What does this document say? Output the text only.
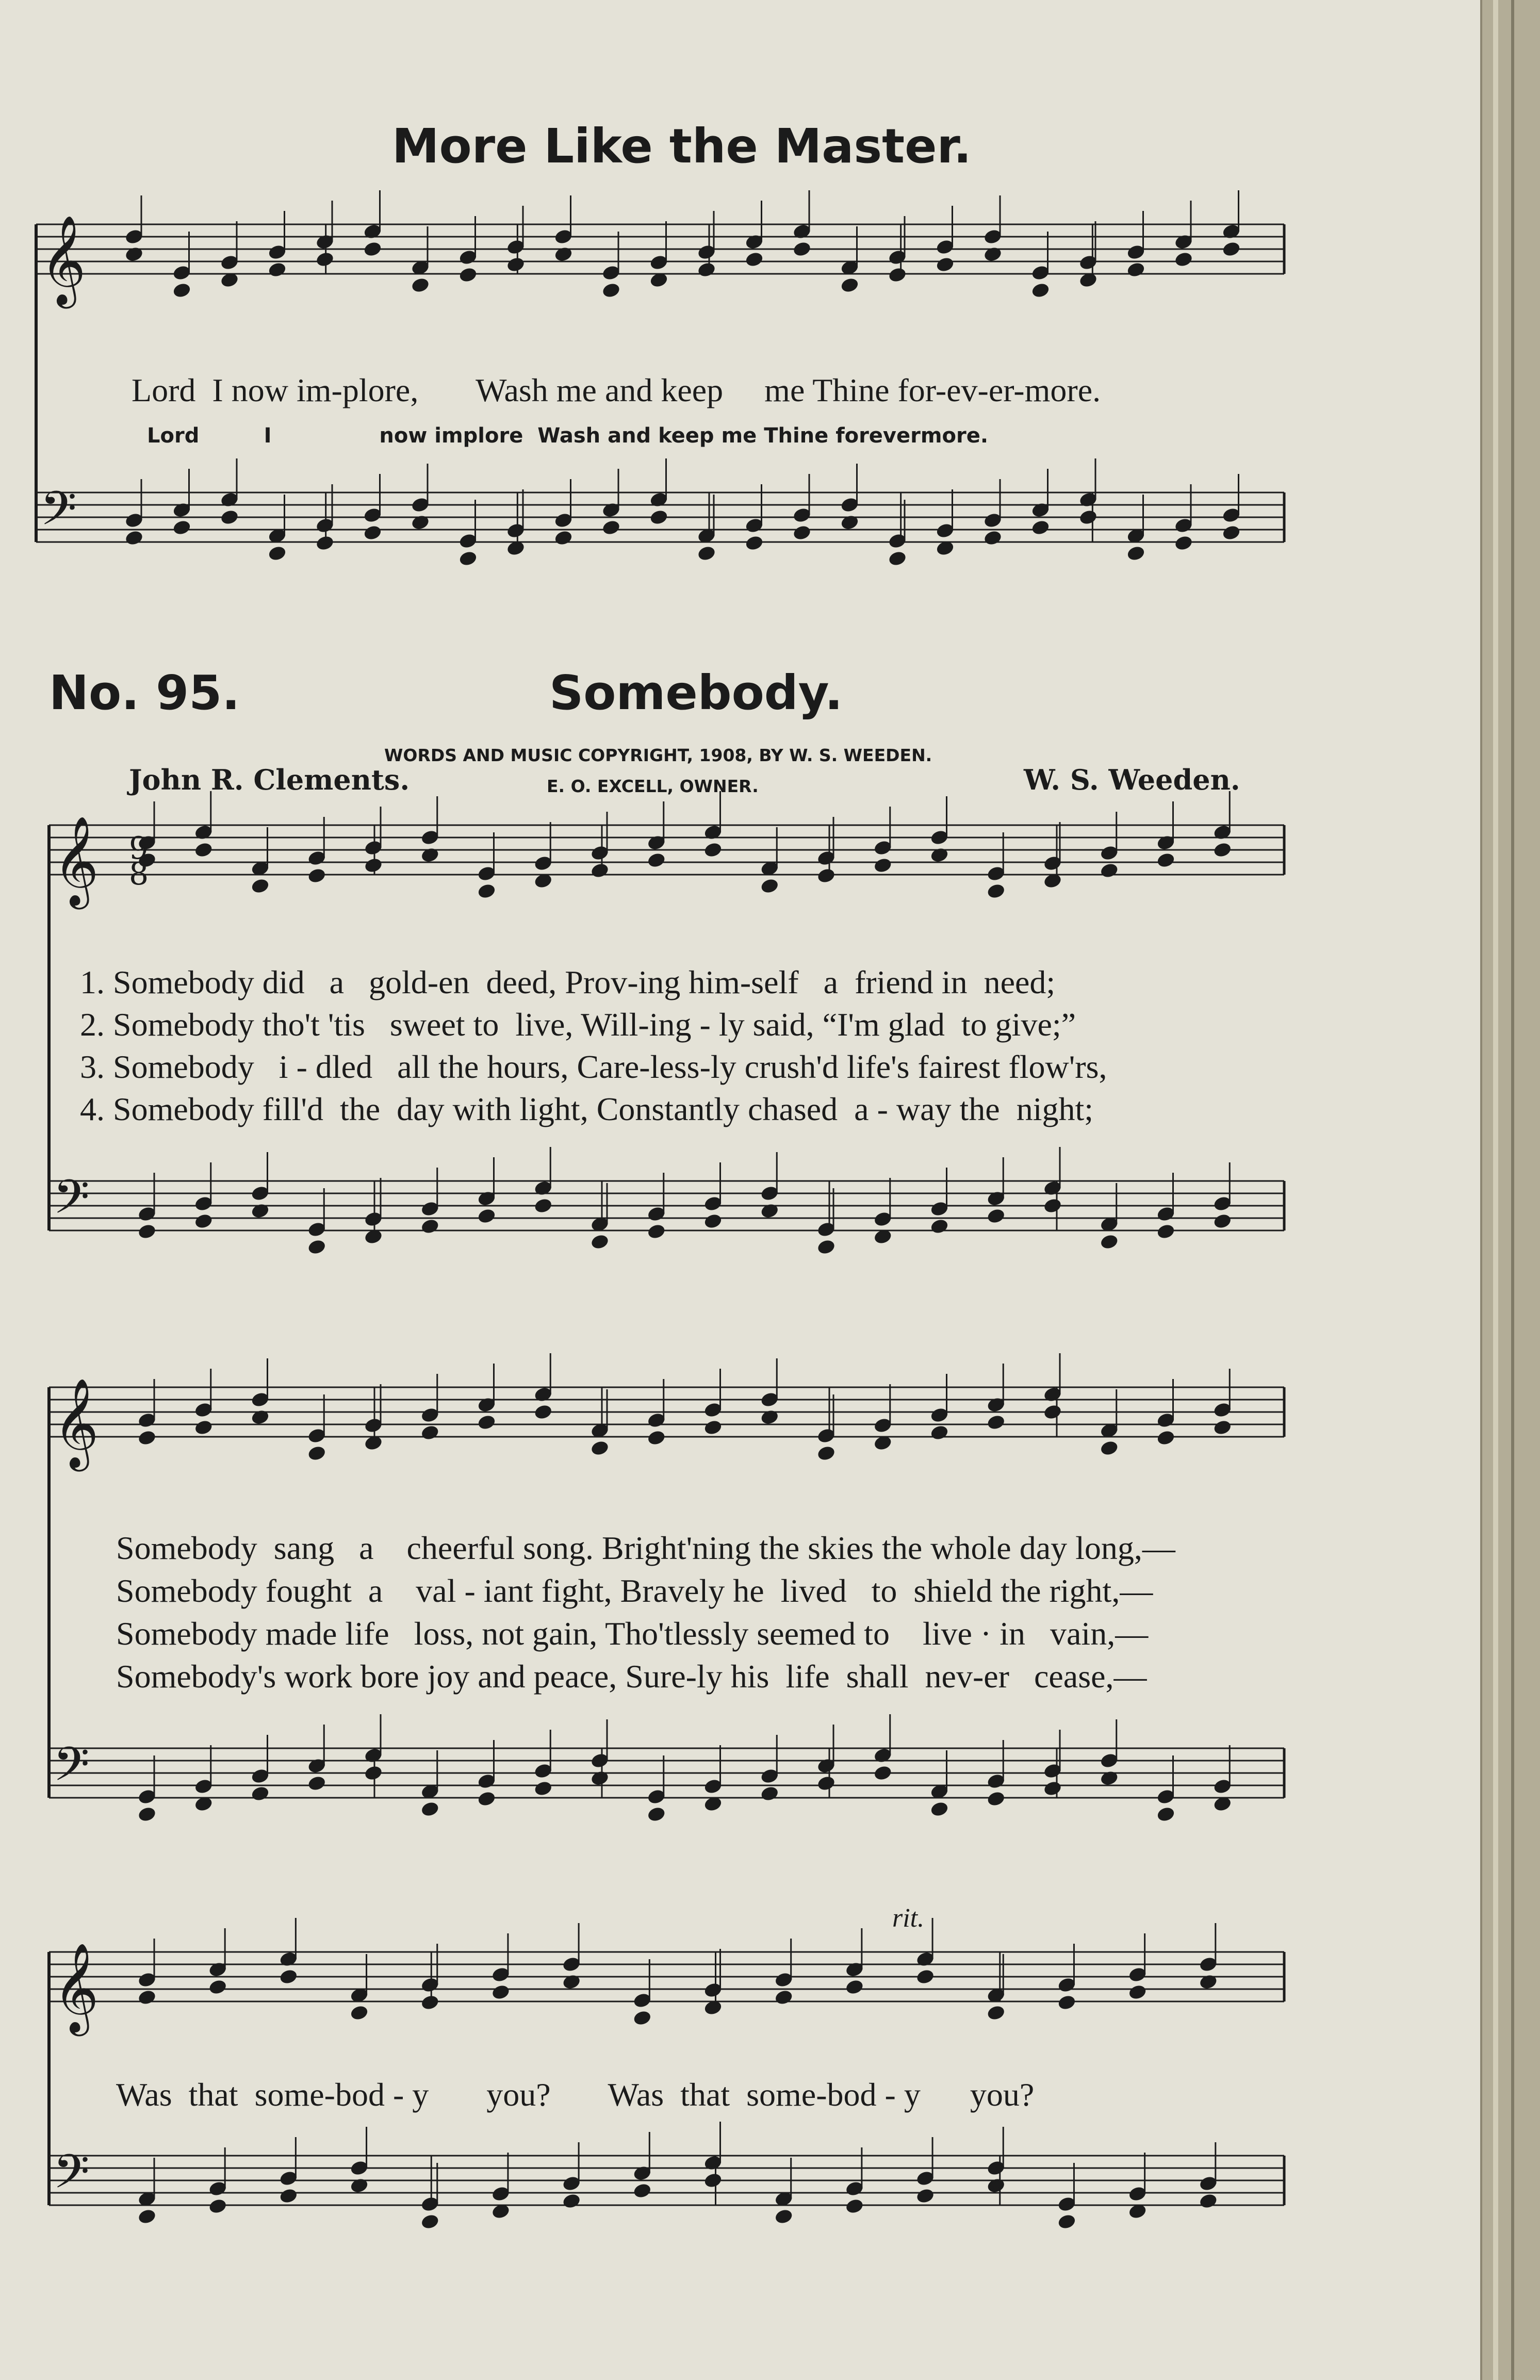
More Like the Master.
Lord  I now im-plore,       Wash me and keep     me Thine for-ev-er-more.
Lord         I               now implore  Wash and keep me Thine forevermore.
No. 95.	Somebody.
WORDS AND MUSIC COPYRIGHT, 1908, BY W. S. WEEDEN.
E. O. EXCELL, OWNER.
John R. Clements.	W. S. Weeden.
1. Somebody did   a   gold-en  deed, Prov-ing him-self   a  friend in  need;
2. Somebody tho't 'tis   sweet to  live, Will-ing - ly said, “I'm glad  to give;”
3. Somebody   i - dled   all the hours, Care-less-ly crush'd life's fairest flow'rs,
4. Somebody fill'd  the  day with light, Constantly chased  a - way the  night;
Somebody  sang   a    cheerful song. Bright'ning the skies the whole day long,—
Somebody fought  a    val - iant fight, Bravely he  lived   to  shield the right,—
Somebody made life   loss, not gain, Tho'tlessly seemed to    live · in   vain,—
Somebody's work bore joy and peace, Sure-ly his  life  shall  nev-er   cease,—
Was  that  some-bod - y       you?       Was  that  some-bod - y      you?
rit.
𝄞
𝄢
𝄞
𝄢
𝄞
𝄢
𝄞
𝄢
9
8
